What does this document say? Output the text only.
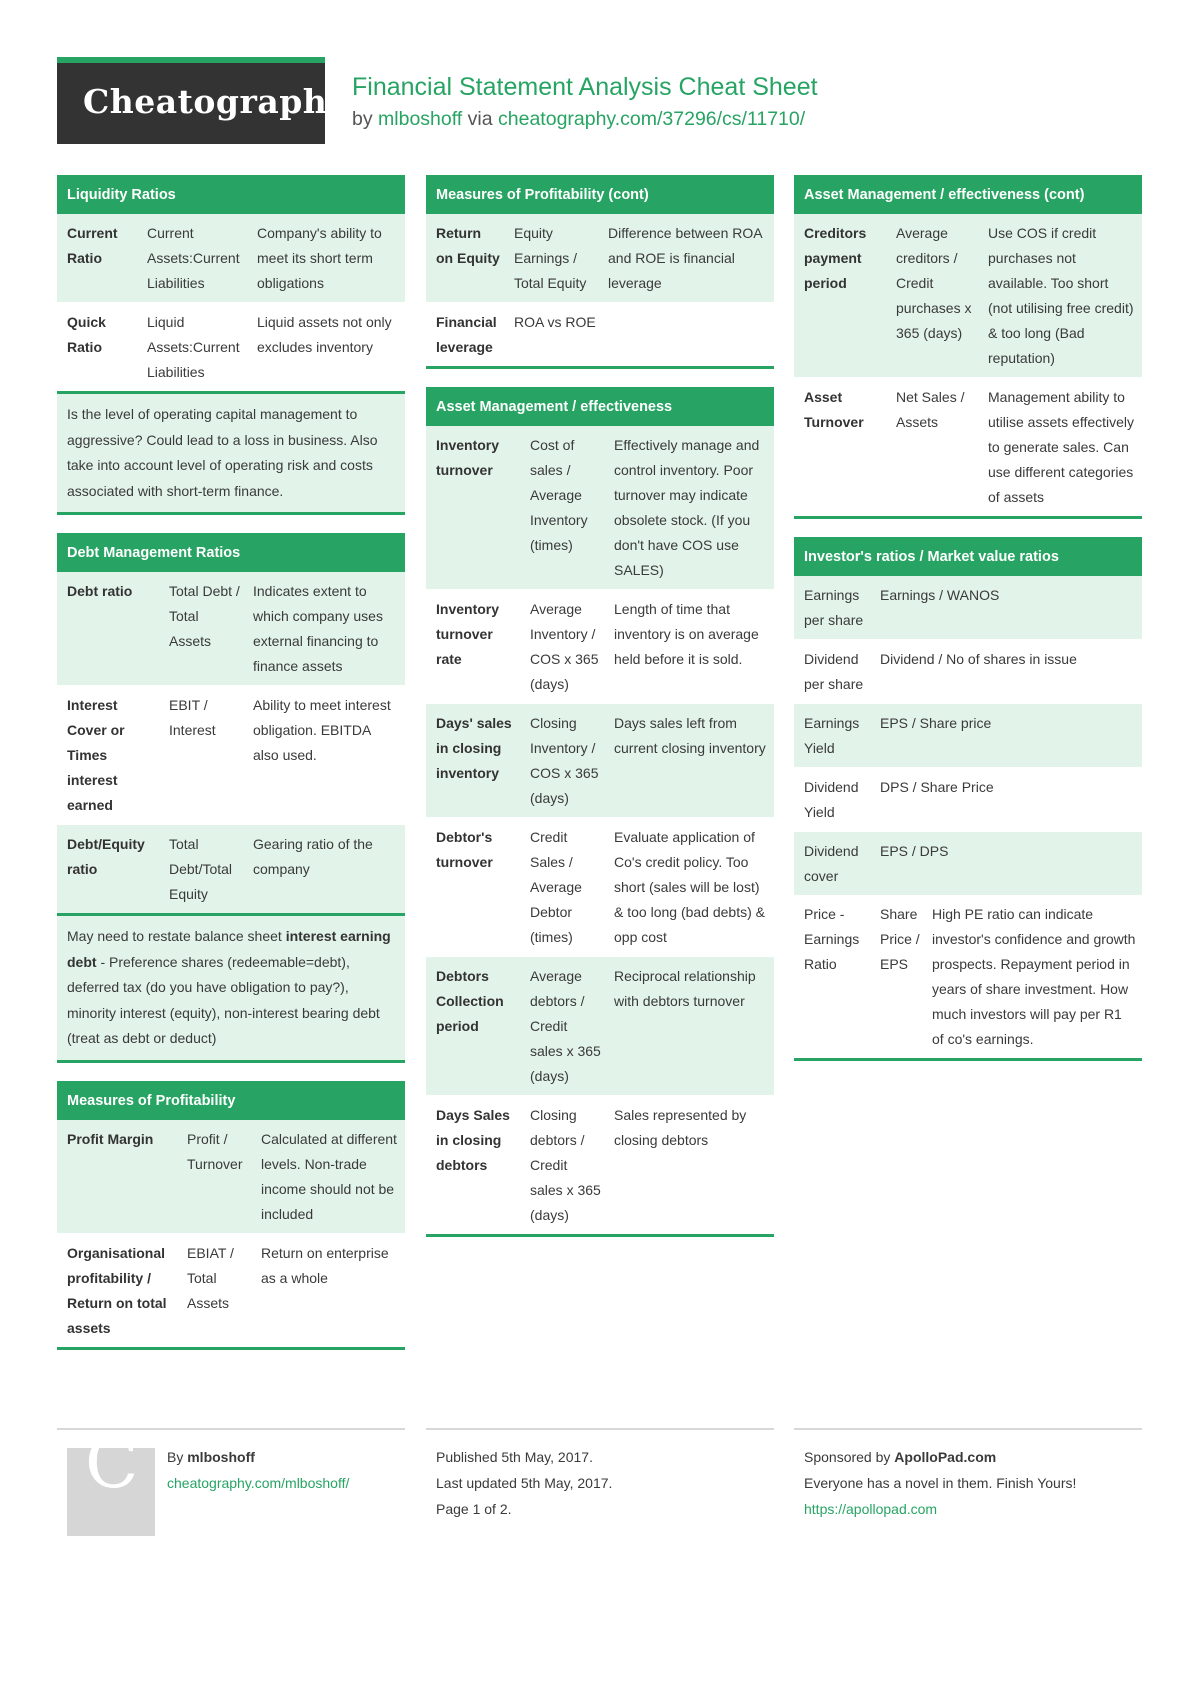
Cheatography Financial Statement Analysis Cheat Sheet
by mlboshoff via cheatography.com/37296/cs/11710/
Liquidity Ratios
Current Ratio	Current Assets:Current Liabilities	Company's ability to meet its short term obligations
Quick Ratio	Liquid Assets:Current Liabilities	Liquid assets not only excludes inventory
Is the level of operating capital management to aggressive? Could lead to a loss in business. Also take into account level of operating risk and costs associated with short-term finance.
Debt Management Ratios
Debt ratio	Total Debt / Total Assets	Indicates extent to which company uses external financing to finance assets
Interest Cover or Times interest earned	EBIT / Interest	Ability to meet interest obligation. EBITDA also used.
Debt/Equity ratio	Total Debt/Total Equity	Gearing ratio of the company
May need to restate balance sheet interest earning debt - Preference shares (redeemable=debt), deferred tax (do you have obligation to pay?), minority interest (equity), non-interest bearing debt (treat as debt or deduct)
Measures of Profitability
Profit Margin	Profit / Turnover	Calculated at different levels. Non-trade income should not be included
Organisational profitability / Return on total assets	EBIAT / Total Assets	Return on enterprise as a whole
Measures of Profitability (cont)
Return on Equity	Equity Earnings / Total Equity	Difference between ROA and ROE is financial leverage
Financial leverage	ROA vs ROE	
Asset Management / effectiveness
Inventory turnover	Cost of sales / Average Inventory (times)	Effectively manage and control inventory. Poor turnover may indicate obsolete stock. (If you don't have COS use SALES)
Inventory turnover rate	Average Inventory / COS x 365 (days)	Length of time that inventory is on average held before it is sold.
Days' sales in closing inventory	Closing Inventory / COS x 365 (days)	Days sales left from current closing inventory
Debtor's turnover	Credit Sales / Average Debtor (times)	Evaluate application of Co's credit policy. Too short (sales will be lost) & too long (bad debts) & opp cost
Debtors Collection period	Average debtors / Credit sales x 365 (days)	Reciprocal relationship with debtors turnover
Days Sales in closing debtors	Closing debtors / Credit sales x 365 (days)	Sales represented by closing debtors
Asset Management / effectiveness (cont)
Creditors payment period	Average creditors / Credit purchases x 365 (days)	Use COS if credit purchases not available. Too short (not utilising free credit) & too long (Bad reputation)
Asset Turnover	Net Sales / Assets	Management ability to utilise assets effectively to generate sales. Can use different categories of assets
Investor's ratios / Market value ratios
Earnings per share	Earnings / WANOS
Dividend per share	Dividend / No of shares in issue
Earnings Yield	EPS / Share price
Dividend Yield	DPS / Share Price
Dividend cover	EPS / DPS
Price - Earnings Ratio	Share Price / EPS	High PE ratio can indicate investor's confidence and growth prospects. Repayment period in years of share investment. How much investors will pay per R1 of co's earnings.
C By mlboshoff
cheatography.com/mlboshoff/
Published 5th May, 2017.
Last updated 5th May, 2017.
Page 1 of 2.
Sponsored by ApolloPad.com
Everyone has a novel in them. Finish Yours!
https://apollopad.com
